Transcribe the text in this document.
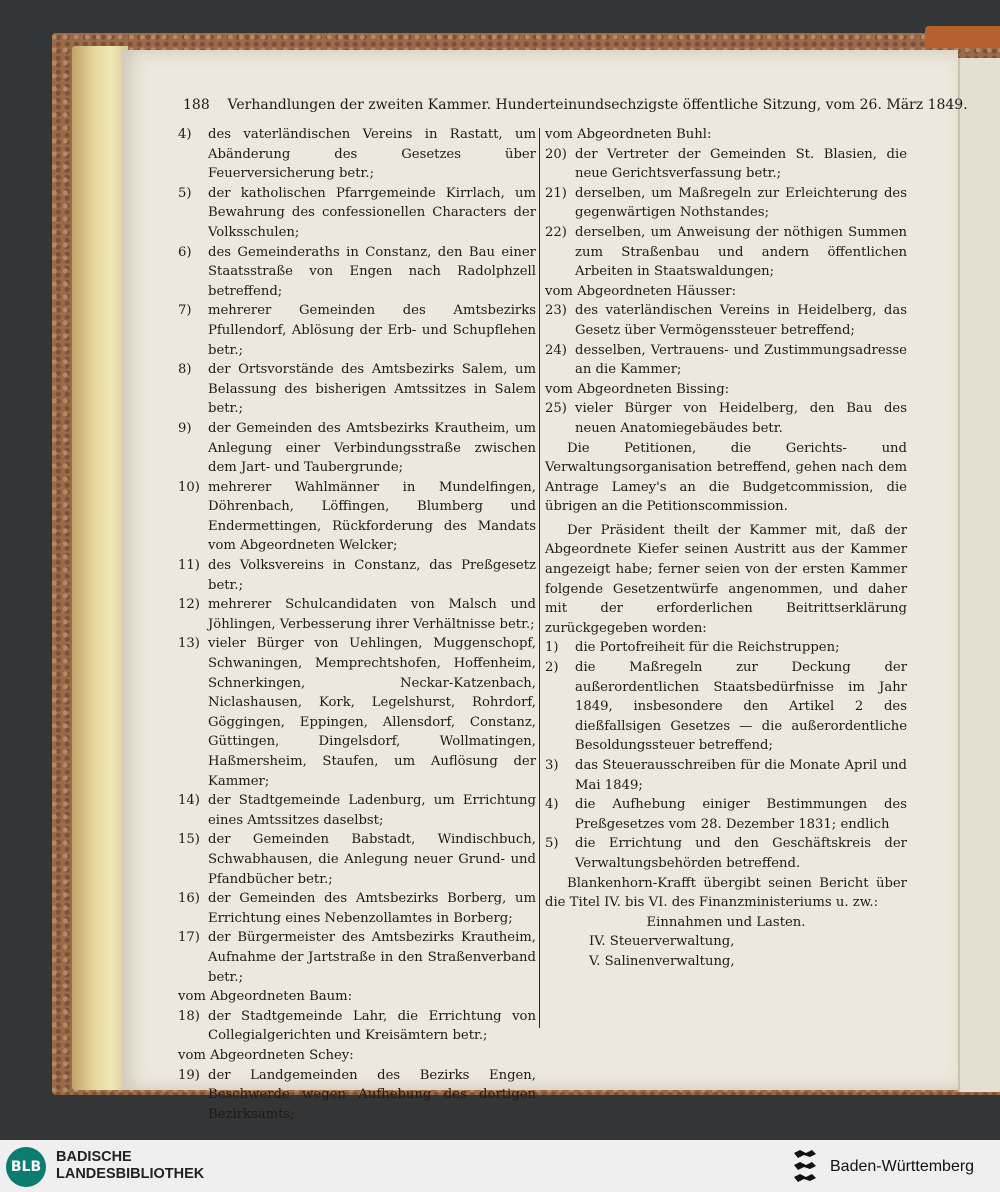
188 Verhandlungen der zweiten Kammer. Hunderteinundsechzigste öffentliche Sitzung, vom 26. März 1849.
4)	des vaterländischen Vereins in Rastatt, um Abänderung des Gesetzes über Feuerversicherung betr.;
5)	der katholischen Pfarrgemeinde Kirrlach, um Bewahrung des confessionellen Characters der Volksschulen;
6)	des Gemeinderaths in Constanz, den Bau einer Staatsstraße von Engen nach Radolphzell betreffend;
7)	mehrerer Gemeinden des Amtsbezirks Pfullendorf, Ablösung der Erb- und Schupflehen betr.;
8)	der Ortsvorstände des Amtsbezirks Salem, um Belassung des bisherigen Amtssitzes in Salem betr.;
9)	der Gemeinden des Amtsbezirks Krautheim, um Anlegung einer Verbindungsstraße zwischen dem Jart- und Taubergrunde;
10) mehrerer Wahlmänner in Mundelfingen, Döhrenbach, Löffingen, Blumberg und Endermettingen, Rückforderung des Mandats vom Abgeordneten Welcker;
11) des Volksvereins in Constanz, das Preßgesetz betr.;
12) mehrerer Schulcandidaten von Malsch und Jöhlingen, Verbesserung ihrer Verhältnisse betr.;
13) vieler Bürger von Uehlingen, Muggenschopf, Schwaningen, Memprechtshofen, Hoffenheim, Schnerkingen, Neckar-Katzenbach, Niclashausen, Kork, Legelshurst, Rohrdorf, Göggingen, Eppingen, Allensdorf, Constanz, Güttingen, Dingelsdorf, Wollmatingen, Haßmersheim, Staufen, um Auflösung der Kammer;
14) der Stadtgemeinde Ladenburg, um Errichtung eines Amtssitzes daselbst;
15) der Gemeinden Babstadt, Windischbuch, Schwabhausen, die Anlegung neuer Grund- und Pfandbücher betr.;
16) der Gemeinden des Amtsbezirks Borberg, um Errichtung eines Nebenzollamtes in Borberg;
17) der Bürgermeister des Amtsbezirks Krautheim, Aufnahme der Jartstraße in den Straßenverband betr.;
vom Abgeordneten Baum:
18) der Stadtgemeinde Lahr, die Errichtung von Collegialgerichten und Kreisämtern betr.;
vom Abgeordneten Schey:
19) der Landgemeinden des Bezirks Engen, Beschwerde wegen Aufhebung des dortigen Bezirksamts;
vom Abgeordneten Buhl:
20) der Vertreter der Gemeinden St. Blasien, die neue Gerichtsverfassung betr.;
21) derselben, um Maßregeln zur Erleichterung des gegenwärtigen Nothstandes;
22) derselben, um Anweisung der nöthigen Summen zum Straßenbau und andern öffentlichen Arbeiten in Staatswaldungen;
vom Abgeordneten Häusser:
23) des vaterländischen Vereins in Heidelberg, das Gesetz über Vermögenssteuer betreffend;
24) desselben, Vertrauens- und Zustimmungsadresse an die Kammer;
vom Abgeordneten Bissing:
25) vieler Bürger von Heidelberg, den Bau des neuen Anatomiegebäudes betr.
Die Petitionen, die Gerichts- und Verwaltungsorganisation betreffend, gehen nach dem Antrage Lamey's an die Budgetcommission, die übrigen an die Petitionscommission.
Der Präsident theilt der Kammer mit, daß der Abgeordnete Kiefer seinen Austritt aus der Kammer angezeigt habe; ferner seien von der ersten Kammer folgende Gesetzentwürfe angenommen, und daher mit der erforderlichen Beitrittserklärung zurückgegeben worden:
1)	die Portofreiheit für die Reichstruppen;
2)	die Maßregeln zur Deckung der außerordentlichen Staatsbedürfnisse im Jahr 1849, insbesondere den Artikel 2 des dießfallsigen Gesetzes — die außerordentliche Besoldungssteuer betreffend;
3)	das Steuerausschreiben für die Monate April und Mai 1849;
4)	die Aufhebung einiger Bestimmungen des Preßgesetzes vom 28. Dezember 1831; endlich
5)	die Errichtung und den Geschäftskreis der Verwaltungsbehörden betreffend.
Blankenhorn-Krafft übergibt seinen Bericht über die Titel IV. bis VI. des Finanzministeriums u. zw.:
Einnahmen und Lasten.
IV. Steuerverwaltung,
V. Salinenverwaltung,
BLB
BADISCHE
LANDESBIBLIOTHEK	Baden-Württemberg
